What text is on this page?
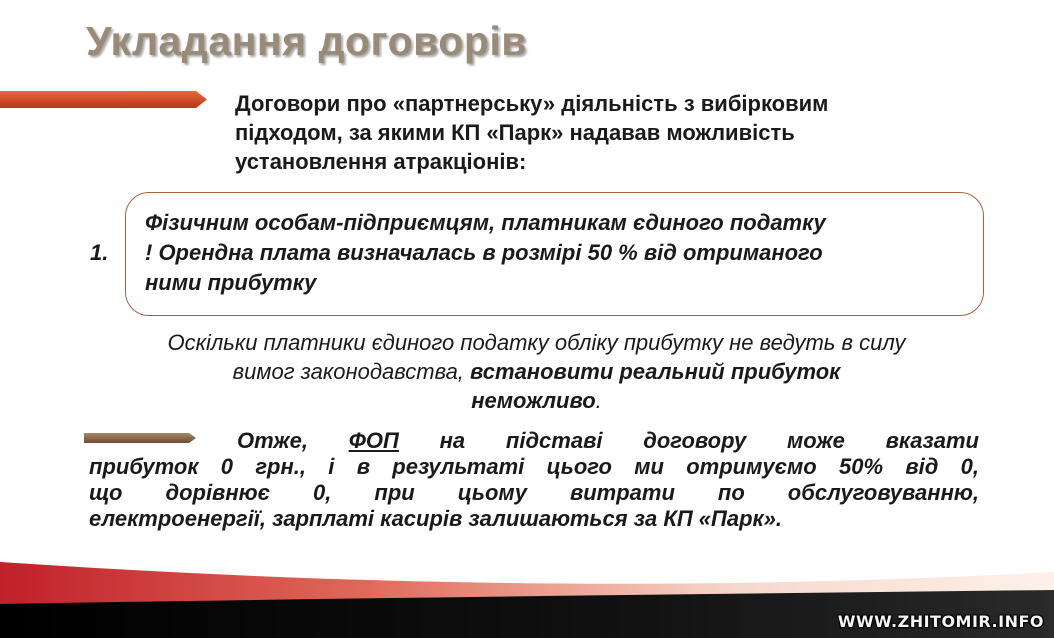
Укладання договорів

Договори про «партнерську» діяльність з вибірковим
підходом, за якими КП «Парк» надавав можливість
установлення атракціонів:

1.

Фізичним особам-підприємцям, платникам єдиного податку
! Орендна плата визначалась в розмірі 50 % від отриманого
ними прибутку

Оскільки платники єдиного податку обліку прибутку не ведуть в силу
вимог законодавства, встановити реальний прибуток
неможливо.

Отже, ФОП на підставі договору може вказати
прибуток 0 грн., і в результаті цього ми отримуємо 50% від 0,
що дорівнює 0, при цьому витрати по обслуговуванню,
електроенергії, зарплаті касирів залишаються за КП «Парк».

WWW.ZHITOMIR.INFO
